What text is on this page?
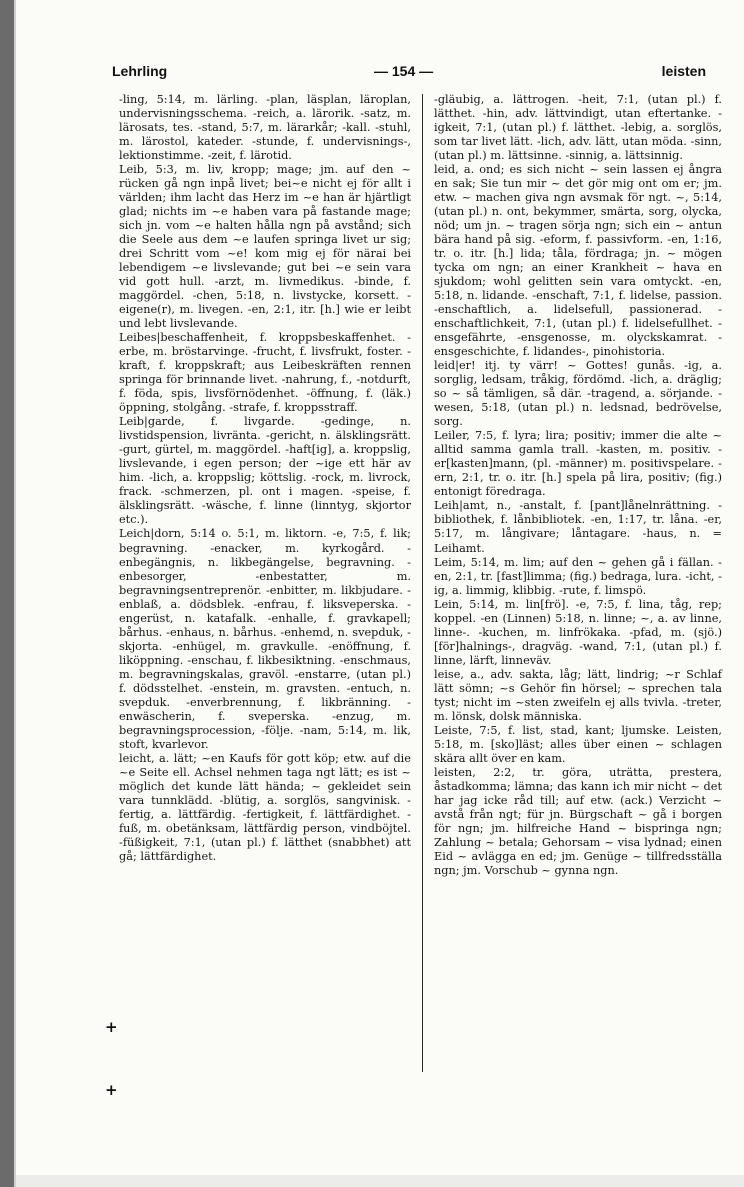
Lehrling	— 154 —	leisten

-ling, 5:14, m. lärling. -plan, läsplan, läroplan, undervisningsschema. -reich, a. lärorik. -satz, m. lärosats, tes. -stand, 5:7, m. lärarkår; -kall. -stuhl, m. lärostol, kateder. -stunde, f. undervisnings-, lektionstimme. -zeit, f. lärotid.

Leib, 5:3, m. liv, kropp; mage; jm. auf den ~ rücken gå ngn inpå livet; bei~e nicht ej för allt i världen; ihm lacht das Herz im ~e han är hjärtligt glad; nichts im ~e haben vara på fastande mage; sich jn. vom ~e halten hålla ngn på avstånd; sich die Seele aus dem ~e laufen springa livet ur sig; drei Schritt vom ~e! kom mig ej för närai bei lebendigem ~e livslevande; gut bei ~e sein vara vid gott hull. -arzt, m. livmedikus. -binde, f. maggördel. -chen, 5:18, n. livstycke, korsett. -eigene(r), m. livegen. -en, 2:1, itr. [h.] wie er leibt und lebt livslevande.

Leibes|beschaffenheit, f. kroppsbeskaffenhet. -erbe, m. bröstarvinge. -frucht, f. livsfrukt, foster. -kraft, f. kroppskraft; aus Leibeskräften rennen springa för brinnande livet. -nahrung, f., -notdurft, f. föda, spis, livsförnödenhet. -öffnung, f. (läk.) öppning, stolgång. -strafe, f. kroppsstraff.

Leib|garde, f. livgarde. -gedinge, n. livstidspension, livränta. -gericht, n. älsklingsrätt. -gurt, gürtel, m. maggördel. -haft[ig], a. kroppslig, livslevande, i egen person; der ~ige ett här av him. -lich, a. kroppslig; köttslig. -rock, m. livrock, frack. -schmerzen, pl. ont i magen. -speise, f. älsklingsrätt. -wäsche, f. linne (linntyg, skjortor etc.).

Leich|dorn, 5:14 o. 5:1, m. liktorn. -e, 7:5, f. lik; begravning. -enacker, m. kyrkogård. -enbegängnis, n. likbegängelse, begravning. -enbesorger, -enbestatter, m. begravningsentreprenör. -enbitter, m. likbjudare. -enblaß, a. dödsblek. -enfrau, f. liksveperska. -engerüst, n. katafalk. -enhalle, f. gravkapell; bårhus. -enhaus, n. bårhus. -enhemd, n. svepduk, -skjorta. -enhügel, m. gravkulle. -enöffnung, f. liköppning. -enschau, f. likbesiktning. -enschmaus, m. begravningskalas, gravöl. -enstarre, (utan pl.) f. dödsstelhet. -enstein, m. gravsten. -entuch, n. svepduk. -enverbrennung, f. likbränning. -enwäscherin, f. sveperska. -enzug, m. begravningsprocession, -följe. -nam, 5:14, m. lik, stoft, kvarlevor.

leicht, a. lätt; ~en Kaufs för gott köp; etw. auf die ~e Seite ell. Achsel nehmen taga ngt lätt; es ist ~ möglich det kunde lätt hända; ~ gekleidet sein vara tunnklädd. -blütig, a. sorglös, sangvinisk. -fertig, a. lättfärdig. -fertigkeit, f. lättfärdighet. -fuß, m. obetänksam, lättfärdig person, vindböjtel. -füßigkeit, 7:1, (utan pl.) f. lätthet (snabbhet) att gå; lättfärdighet.

-gläubig, a. lättrogen. -heit, 7:1, (utan pl.) f. lätthet. -hin, adv. lättvindigt, utan eftertanke. -igkeit, 7:1, (utan pl.) f. lätthet. -lebig, a. sorglös, som tar livet lätt. -lich, adv. lätt, utan möda. -sinn, (utan pl.) m. lättsinne. -sinnig, a. lättsinnig.

leid, a. ond; es sich nicht ~ sein lassen ej ångra en sak; Sie tun mir ~ det gör mig ont om er; jm. etw. ~ machen giva ngn avsmak för ngt. ~, 5:14, (utan pl.) n. ont, bekymmer, smärta, sorg, olycka, nöd; um jn. ~ tragen sörja ngn; sich ein ~ antun bära hand på sig. -eform, f. passivform. -en, 1:16, tr. o. itr. [h.] lida; tåla, fördraga; jn. ~ mögen tycka om ngn; an einer Krankheit ~ hava en sjukdom; wohl gelitten sein vara omtyckt. -en, 5:18, n. lidande. -enschaft, 7:1, f. lidelse, passion. -enschaftlich, a. lidelsefull, passionerad. -enschaftlichkeit, 7:1, (utan pl.) f. lidelsefullhet. -ensgefährte, -ensgenosse, m. olyckskamrat. -ensgeschichte, f. lidandes-, pinohistoria.

leid|er! itj. ty värr! ~ Gottes! gunås. -ig, a. sorglig, ledsam, tråkig, fördömd. -lich, a. dräglig; so ~ så tämligen, så där. -tragend, a. sörjande. -wesen, 5:18, (utan pl.) n. ledsnad, bedrövelse, sorg.

Leiler, 7:5, f. lyra; lira; positiv; immer die alte ~ alltid samma gamla trall. -kasten, m. positiv. -er[kasten]mann, (pl. -männer) m. positivspelare. -ern, 2:1, tr. o. itr. [h.] spela på lira, positiv; (fig.) entonigt föredraga.

Leih|amt, n., -anstalt, f. [pant]lånelnrättning. -bibliothek, f. lånbibliotek. -en, 1:17, tr. låna. -er, 5:17, m. långivare; låntagare. -haus, n. = Leihamt.

Leim, 5:14, m. lim; auf den ~ gehen gå i fällan. -en, 2:1, tr. [fast]limma; (fig.) bedraga, lura. -icht, -ig, a. limmig, klibbig. -rute, f. limspö.

Lein, 5:14, m. lin[frö]. -e, 7:5, f. lina, tåg, rep; koppel. -en (Linnen) 5:18, n. linne; ~, a. av linne, linne-. -kuchen, m. linfrökaka. -pfad, m. (sjö.) [för]halnings-, dragväg. -wand, 7:1, (utan pl.) f. linne, lärft, linneväv.

leise, a., adv. sakta, låg; lätt, lindrig; ~r Schlaf lätt sömn; ~s Gehör fin hörsel; ~ sprechen tala tyst; nicht im ~sten zweifeln ej alls tvivla. -treter, m. lönsk, dolsk människa.

Leiste, 7:5, f. list, stad, kant; ljumske. Leisten, 5:18, m. [sko]läst; alles über einen ~ schlagen skära allt över en kam.

leisten, 2:2, tr. göra, uträtta, prestera, åstadkomma; lämna; das kann ich mir nicht ~ det har jag icke råd till; auf etw. (ack.) Verzicht ~ avstå från ngt; für jn. Bürgschaft ~ gå i borgen för ngn; jm. hilfreiche Hand ~ bispringa ngn; Zahlung ~ betala; Gehorsam ~ visa lydnad; einen Eid ~ avlägga en ed; jm. Genüge ~ tillfredsställa ngn; jm. Vorschub ~ gynna ngn.

+
+
